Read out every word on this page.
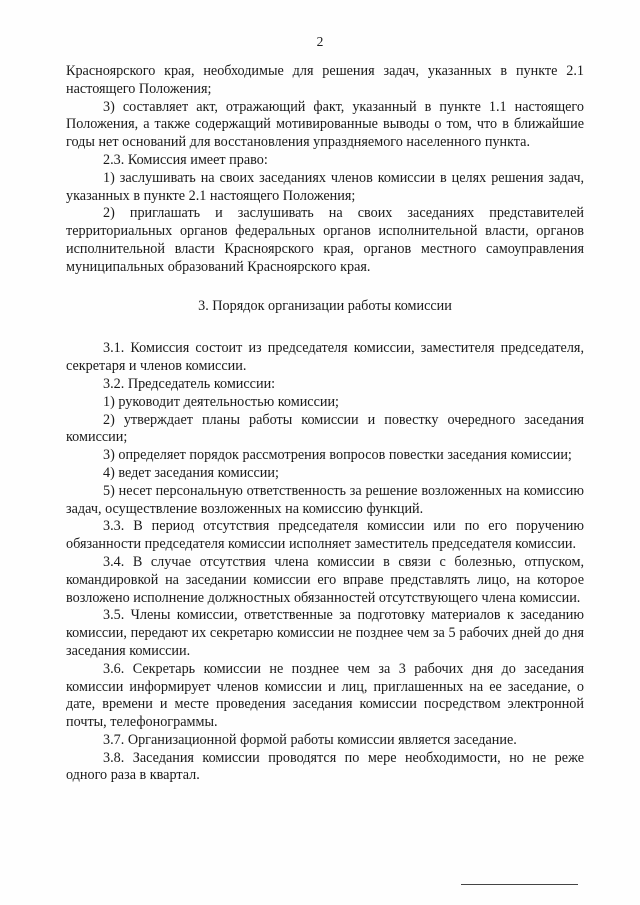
2

Красноярского края, необходимые для решения задач, указанных в пункте 2.1 настоящего Положения;

3) составляет акт, отражающий факт, указанный в пункте 1.1 настоящего Положения, а также содержащий мотивированные выводы о том, что в ближайшие годы нет оснований для восстановления упраздняемого населенного пункта.

2.3. Комиссия имеет право:

1) заслушивать на своих заседаниях членов комиссии в целях решения задач, указанных в пункте 2.1 настоящего Положения;

2) приглашать и заслушивать на своих заседаниях представителей территориальных органов федеральных органов исполнительной власти, органов исполнительной власти Красноярского края, органов местного самоуправления муниципальных образований Красноярского края.

3. Порядок организации работы комиссии

3.1. Комиссия состоит из председателя комиссии, заместителя председателя, секретаря и членов комиссии.

3.2. Председатель комиссии:

1) руководит деятельностью комиссии;

2) утверждает планы работы комиссии и повестку очередного заседания комиссии;

3) определяет порядок рассмотрения вопросов повестки заседания комиссии;

4) ведет заседания комиссии;

5) несет персональную ответственность за решение возложенных на комиссию задач, осуществление возложенных на комиссию функций.

3.3. В период отсутствия председателя комиссии или по его поручению обязанности председателя комиссии исполняет заместитель председателя комиссии.

3.4. В случае отсутствия члена комиссии в связи с болезнью, отпуском, командировкой на заседании комиссии его вправе представлять лицо, на которое возложено исполнение должностных обязанностей отсутствующего члена комиссии.

3.5. Члены комиссии, ответственные за подготовку материалов к заседанию комиссии, передают их секретарю комиссии не позднее чем за 5 рабочих дней до дня заседания комиссии.

3.6. Секретарь комиссии не позднее чем за 3 рабочих дня до заседания комиссии информирует членов комиссии и лиц, приглашенных на ее заседание, о дате, времени и месте проведения заседания комиссии посредством электронной почты, телефонограммы.

3.7. Организационной формой работы комиссии является заседание.

3.8. Заседания комиссии проводятся по мере необходимости, но не реже одного раза в квартал.
